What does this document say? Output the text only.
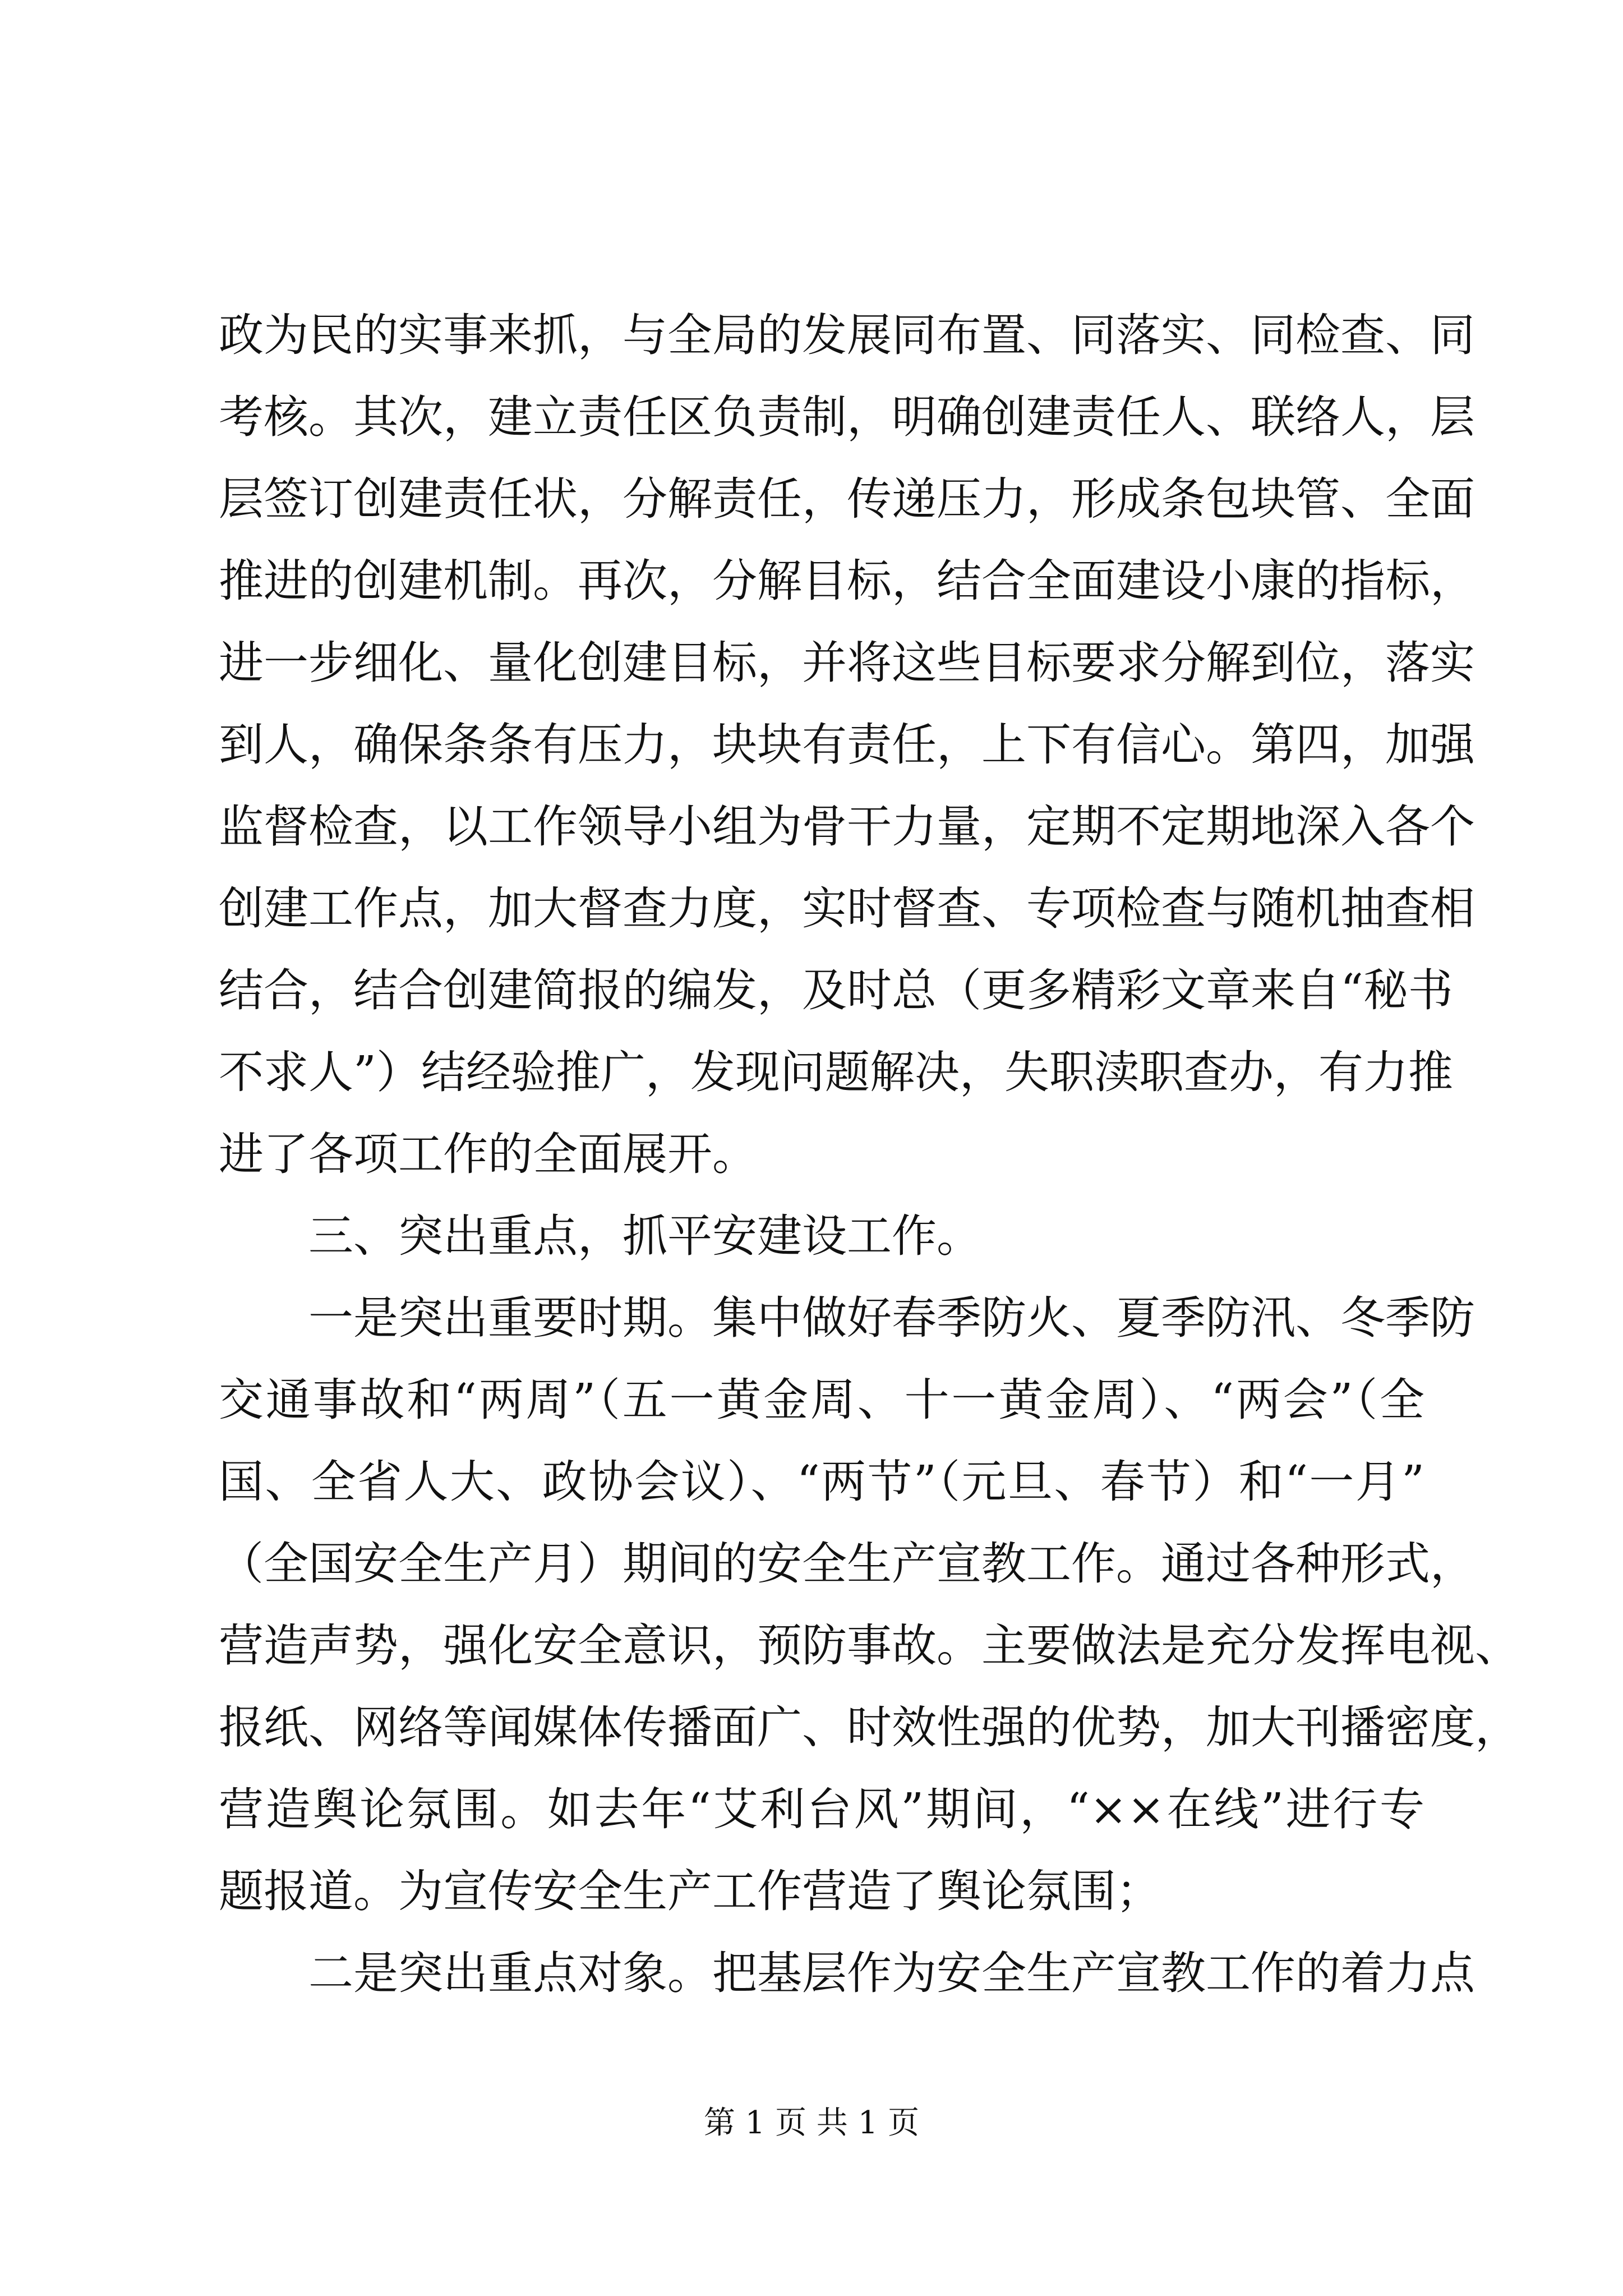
政为民的实事来抓，与全局的发展同布置、同落实、同检查、同
考核。其次，建立责任区负责制，明确创建责任人、联络人，层
层签订创建责任状，分解责任，传递压力，形成条包块管、全面
推进的创建机制。再次，分解目标，结合全面建设小康的指标，
进一步细化、量化创建目标，并将这些目标要求分解到位，落实
到人，确保条条有压力，块块有责任，上下有信心。第四，加强
监督检查，以工作领导小组为骨干力量，定期不定期地深入各个
创建工作点，加大督查力度，实时督查、专项检查与随机抽查相
结合，结合创建简报的编发，及时总（更多精彩文章来自“秘书
不求人”）结经验推广，发现问题解决，失职渎职查办，有力推
进了各项工作的全面展开。
三、突出重点，抓平安建设工作。
一是突出重要时期。集中做好春季防火、夏季防汛、冬季防
交通事故和“两周”（五一黄金周、十一黄金周）、“两会”（全
国、全省人大、政协会议）、“两节”（元旦、春节）和“一月”
（全国安全生产月）期间的安全生产宣教工作。通过各种形式，
营造声势，强化安全意识，预防事故。主要做法是充分发挥电视、
报纸、网络等闻媒体传播面广、时效性强的优势，加大刊播密度，
营造舆论氛围。如去年“艾利台风”期间，“××在线”进行专
题报道。为宣传安全生产工作营造了舆论氛围；
二是突出重点对象。把基层作为安全生产宣教工作的着力点
第 1 页 共 1 页
